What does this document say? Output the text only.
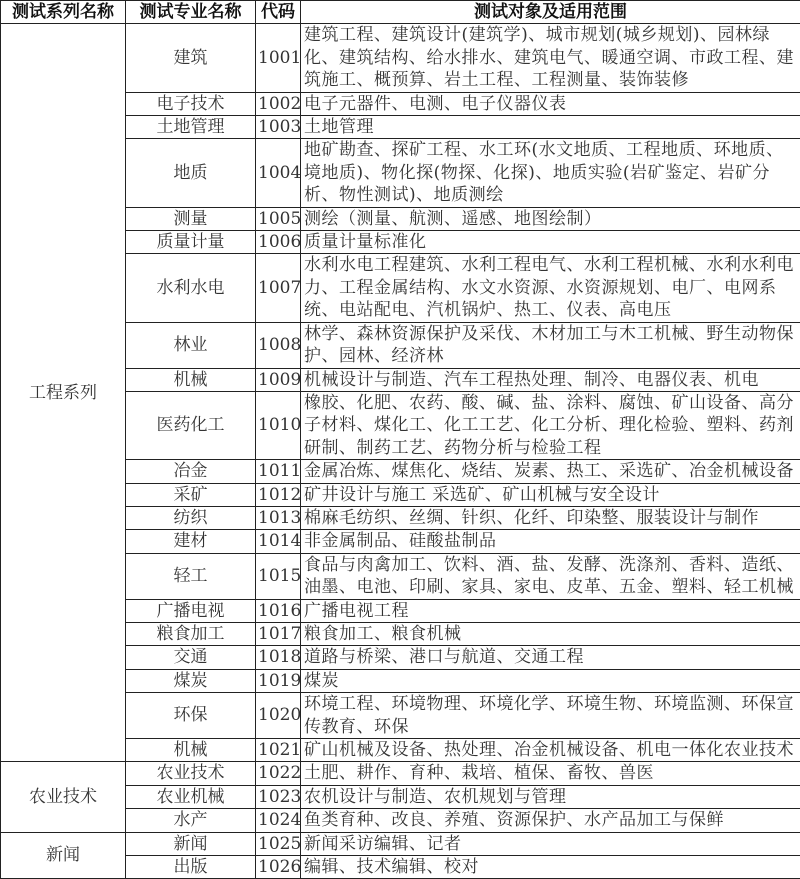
测试系列名称	测试专业名称	代码	测试对象及适用范围
工程系列	建筑	1001	建筑工程、建筑设计(建筑学)、城市规划(城乡规划)、园林绿化、建筑结构、给水排水、建筑电气、暖通空调、市政工程、建筑施工、概预算、岩土工程、工程测量、装饰装修
	电子技术	1002	电子元器件、电测、电子仪器仪表
	土地管理	1003	土地管理
	地质	1004	地矿勘查、探矿工程、水工环(水文地质、工程地质、环地质、 境地质)、物化探(物探、化探)、地质实验(岩矿鉴定、岩矿分析、物性测试)、地质测绘
	测量	1005	测绘（测量、航测、遥感、地图绘制）
	质量计量	1006	质量计量标准化
	水利水电	1007	水利水电工程建筑、水利工程电气、水利工程机械、水利水利电力、工程金属结构、水文水资源、水资源规划、电厂、电网系统、电站配电、汽机锅炉、热工、仪表、高电压
	林业	1008	林学、森林资源保护及采伐、木材加工与木工机械、野生动物保护、园林、经济林
	机械	1009	机械设计与制造、汽车工程热处理、制冷、电器仪表、机电
	医药化工	1010	橡胶、化肥、农药、酸、碱、盐、涂料、腐蚀、矿山设备、高分子材料、煤化工、化工工艺、化工分析、理化检验、塑料、药剂研制、制药工艺、药物分析与检验工程
	冶金	1011	金属冶炼、煤焦化、烧结、炭素、热工、采选矿、冶金机械设备
	采矿	1012	矿井设计与施工 采选矿、矿山机械与安全设计
	纺织	1013	棉麻毛纺织、丝绸、针织、化纤、印染整、服装设计与制作
	建材	1014	非金属制品、硅酸盐制品
	轻工	1015	食品与肉禽加工、饮料、酒、盐、发酵、洗涤剂、香料、造纸、油墨、电池、印刷、家具、家电、皮革、五金、塑料、轻工机械
	广播电视	1016	广播电视工程
	粮食加工	1017	粮食加工、粮食机械
	交通	1018	道路与桥梁、港口与航道、交通工程
	煤炭	1019	煤炭
	环保	1020	环境工程、环境物理、环境化学、环境生物、环境监测、环保宣传教育、环保
	机械	1021	矿山机械及设备、热处理、冶金机械设备、机电一体化农业技术
农业技术	农业技术	1022	土肥、耕作、育种、栽培、植保、畜牧、兽医
	农业机械	1023	农机设计与制造、农机规划与管理
	水产	1024	鱼类育种、改良、养殖、资源保护、水产品加工与保鲜
新闻	新闻	1025	新闻采访编辑、记者
	出版	1026	编辑、技术编辑、校对
